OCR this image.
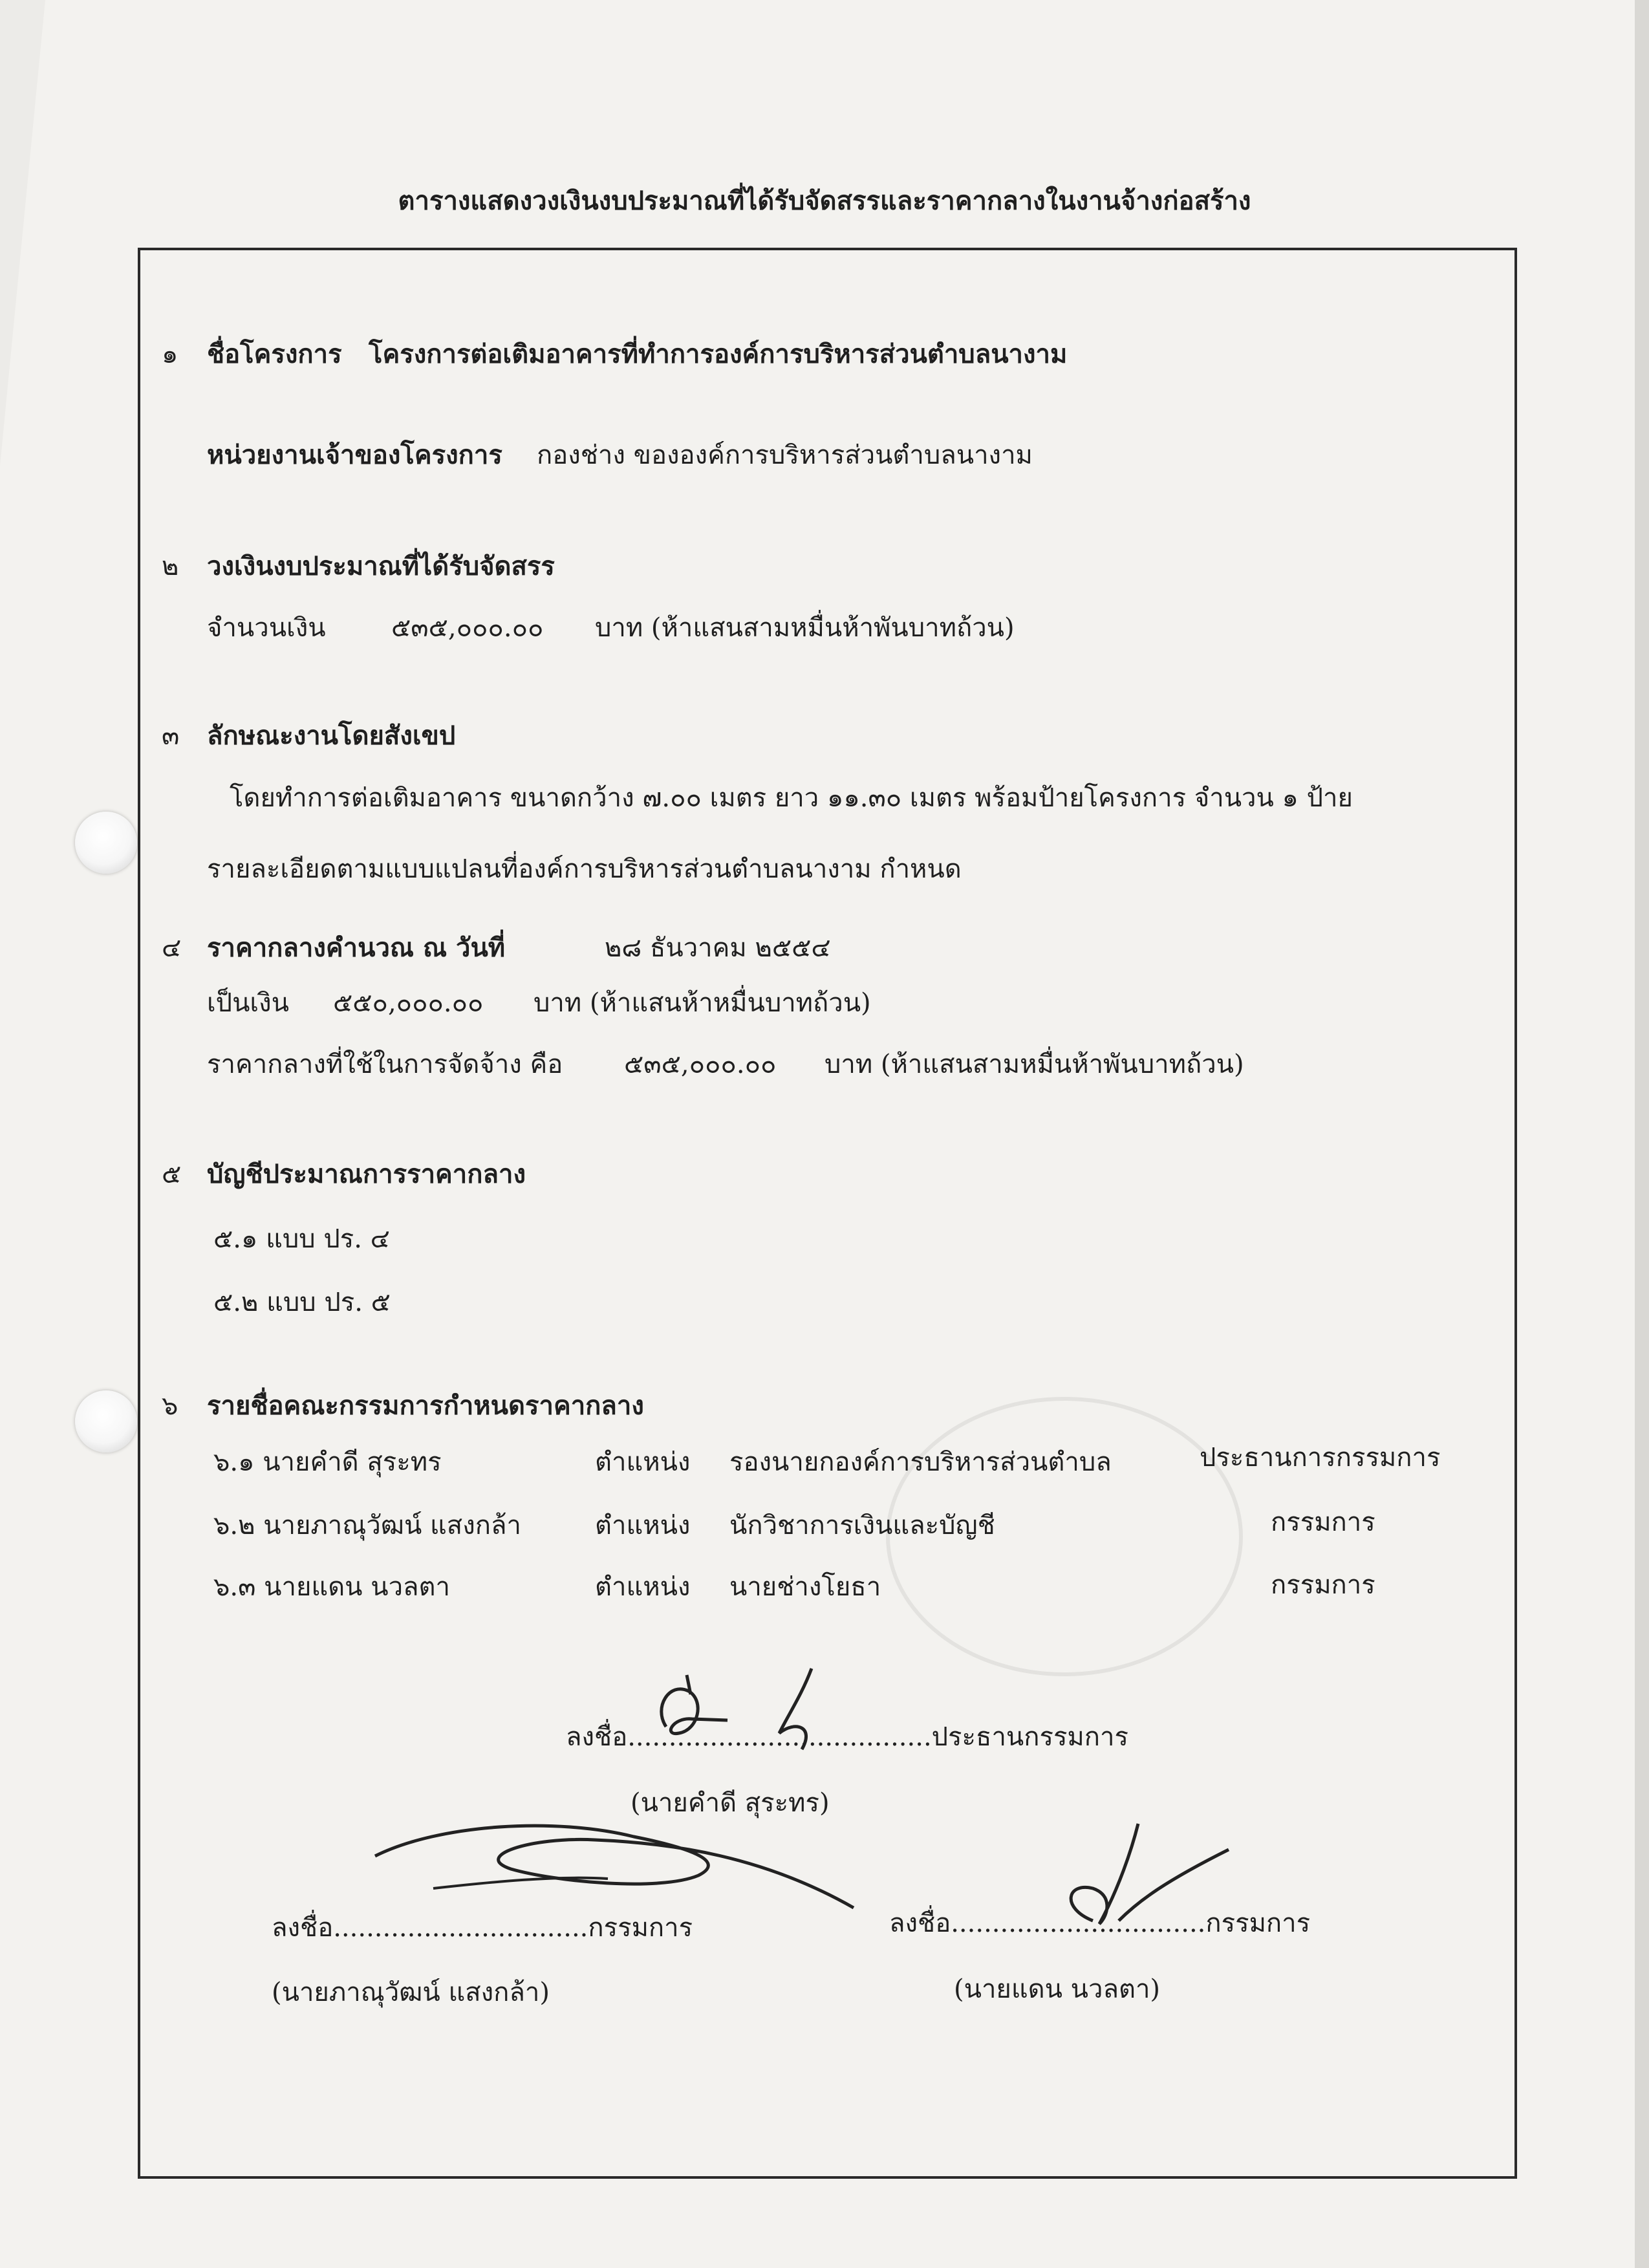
ตารางแสดงวงเงินงบประมาณที่ได้รับจัดสรรและราคากลางในงานจ้างก่อสร้าง
๑ ชื่อโครงการ โครงการต่อเติมอาคารที่ทำการองค์การบริหารส่วนตำบลนางาม
หน่วยงานเจ้าของโครงการ กองช่าง ขององค์การบริหารส่วนตำบลนางาม
๒ วงเงินงบประมาณที่ได้รับจัดสรร
จำนวนเงิน	๕๓๕,๐๐๐.๐๐ บาท (ห้าแสนสามหมื่นห้าพันบาทถ้วน)
๓ ลักษณะงานโดยสังเขป
โดยทำการต่อเติมอาคาร ขนาดกว้าง ๗.๐๐ เมตร ยาว ๑๑.๓๐ เมตร พร้อมป้ายโครงการ จำนวน ๑ ป้าย
รายละเอียดตามแบบแปลนที่องค์การบริหารส่วนตำบลนางาม กำหนด
๔ ราคากลางคำนวณ ณ วันที่	๒๘ ธันวาคม ๒๕๕๔
เป็นเงิน ๕๕๐,๐๐๐.๐๐ บาท (ห้าแสนห้าหมื่นบาทถ้วน)
ราคากลางที่ใช้ในการจัดจ้าง คือ ๕๓๕,๐๐๐.๐๐ บาท (ห้าแสนสามหมื่นห้าพันบาทถ้วน)
๕ บัญชีประมาณการราคากลาง
๕.๑ แบบ ปร. ๔
๕.๒ แบบ ปร. ๕
๖ รายชื่อคณะกรรมการกำหนดราคากลาง
๖.๑ นายคำดี สุระทร	ตำแหน่ง รองนายกองค์การบริหารส่วนตำบล	ประธานการกรรมการ
๖.๒ นายภาณุวัฒน์ แสงกล้า	ตำแหน่ง นักวิชาการเงินและบัญชี	กรรมการ
๖.๓ นายแดน นวลตา	ตำแหน่ง นายช่างโยธา	กรรมการ
ลงชื่อ.....................................ประธานกรรมการ
(นายคำดี สุระทร)
ลงชื่อ...............................กรรมการ
(นายภาณุวัฒน์ แสงกล้า)
ลงชื่อ...............................กรรมการ
(นายแดน นวลตา)
